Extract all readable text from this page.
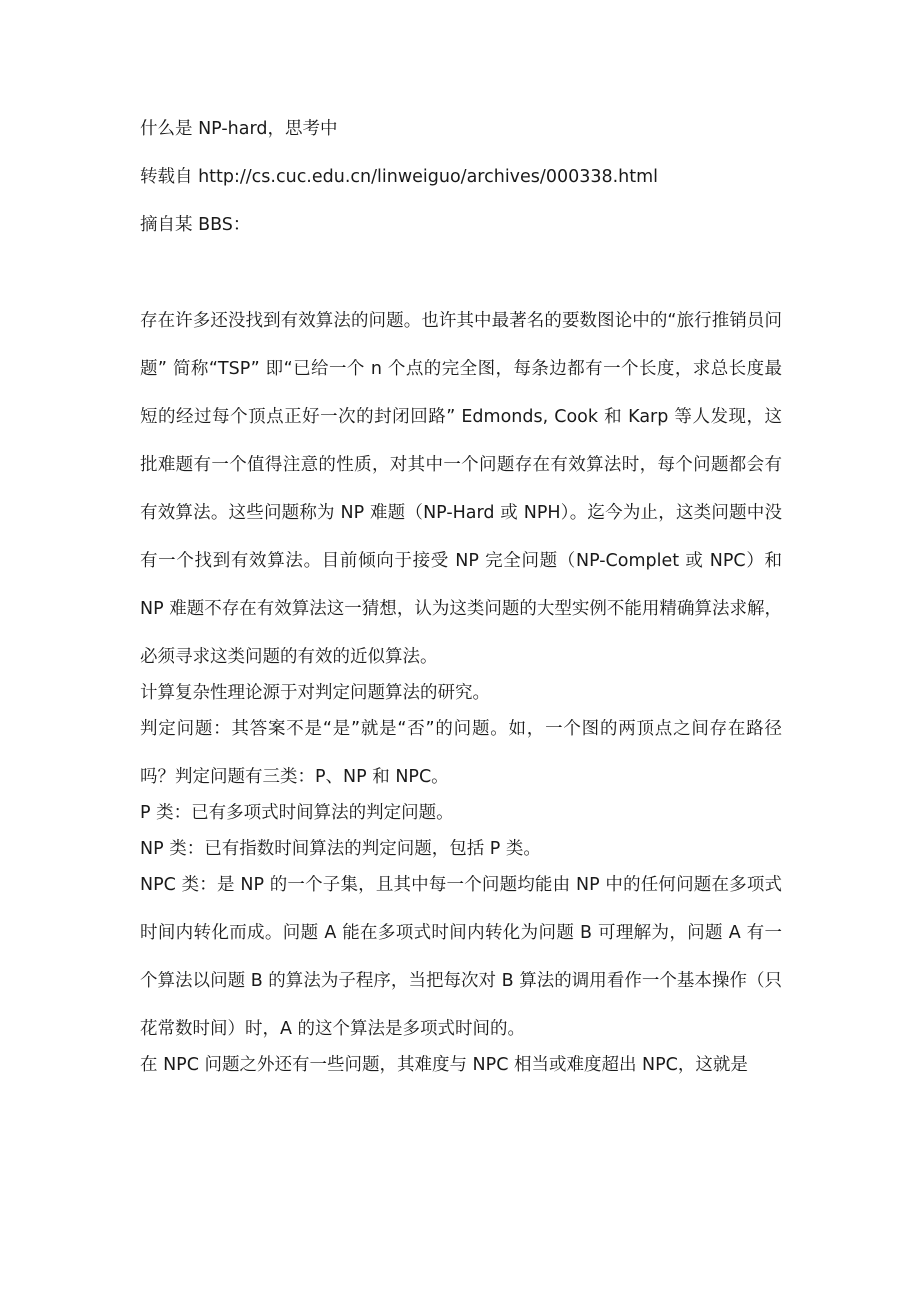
什么是 NP-hard，思考中

转载自 http://cs.cuc.edu.cn/linweiguo/archives/000338.html

摘自某 BBS：

存在许多还没找到有效算法的问题。也许其中最著名的要数图论中的“旅行推销员问题” 简称“TSP” 即“已给一个 n 个点的完全图，每条边都有一个长度，求总长度最短的经过每个顶点正好一次的封闭回路” Edmonds, Cook 和 Karp 等人发现，这批难题有一个值得注意的性质，对其中一个问题存在有效算法时，每个问题都会有有效算法。这些问题称为 NP 难题（NP-Hard 或 NPH）。迄今为止，这类问题中没有一个找到有效算法。目前倾向于接受 NP 完全问题（NP-Complet 或 NPC）和 NP 难题不存在有效算法这一猜想，认为这类问题的大型实例不能用精确算法求解，必须寻求这类问题的有效的近似算法。

计算复杂性理论源于对判定问题算法的研究。

判定问题：其答案不是“是”就是“否”的问题。如，一个图的两顶点之间存在路径吗？判定问题有三类：P、NP 和 NPC。

P 类：已有多项式时间算法的判定问题。

NP 类：已有指数时间算法的判定问题，包括 P 类。

NPC 类：是 NP 的一个子集，且其中每一个问题均能由 NP 中的任何问题在多项式时间内转化而成。问题 A 能在多项式时间内转化为问题 B 可理解为，问题 A 有一个算法以问题 B 的算法为子程序，当把每次对 B 算法的调用看作一个基本操作（只花常数时间）时，A 的这个算法是多项式时间的。

在 NPC 问题之外还有一些问题，其难度与 NPC 相当或难度超出 NPC，这就是
